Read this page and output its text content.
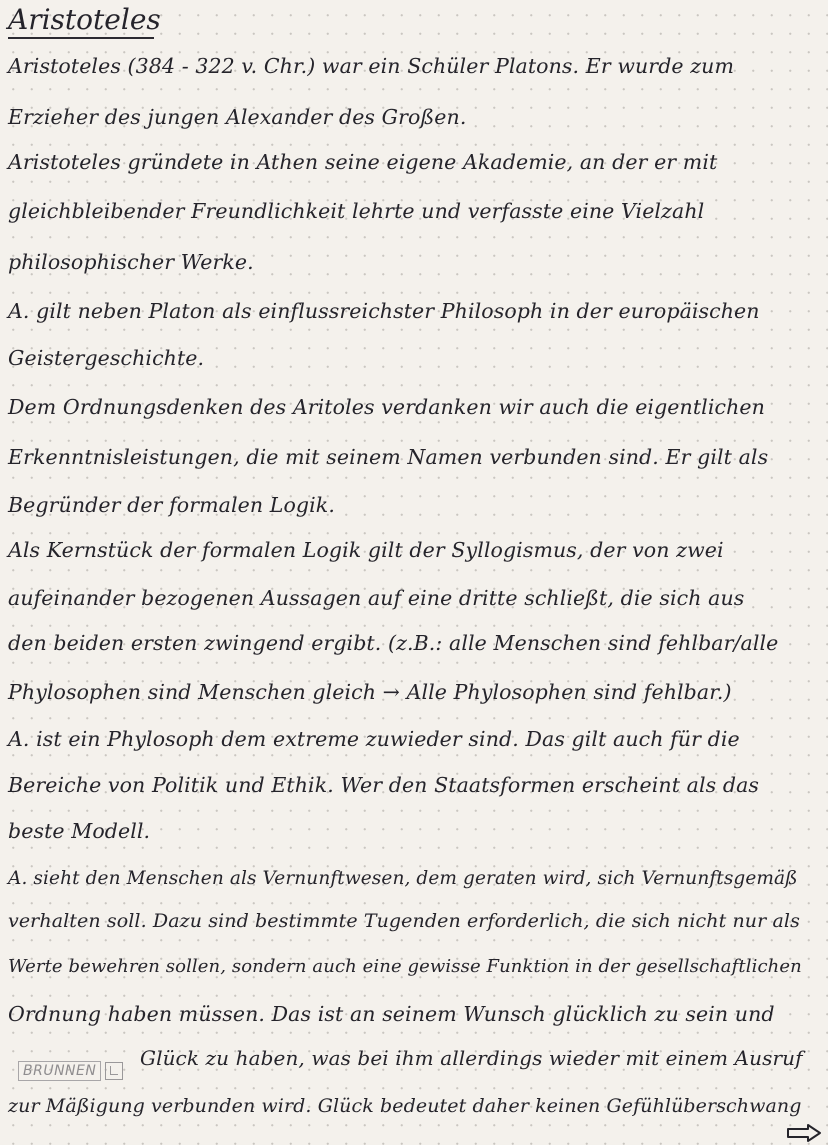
Aristoteles
Aristoteles (384 - 322 v. Chr.) war ein Schüler Platons. Er wurde zum
Erzieher des jungen Alexander des Großen.
Aristoteles gründete in Athen seine eigene Akademie, an der er mit
gleichbleibender Freundlichkeit lehrte und verfasste eine Vielzahl
philosophischer Werke.
A. gilt neben Platon als einflussreichster Philosoph in der europäischen
Geistergeschichte.
Dem Ordnungsdenken des Aritoles verdanken wir auch die eigentlichen
Erkenntnisleistungen, die mit seinem Namen verbunden sind. Er gilt als
Begründer der formalen Logik.
Als Kernstück der formalen Logik gilt der Syllogismus, der von zwei
aufeinander bezogenen Aussagen auf eine dritte schließt, die sich aus
den beiden ersten zwingend ergibt. (z.B.: alle Menschen sind fehlbar/alle
Phylosophen sind Menschen gleich → Alle Phylosophen sind fehlbar.)
A. ist ein Phylosoph dem extreme zuwieder sind. Das gilt auch für die
Bereiche von Politik und Ethik. Wer den Staatsformen erscheint als das
beste Modell.
A. sieht den Menschen als Vernunftwesen, dem geraten wird, sich Vernunftsgemäß
verhalten soll. Dazu sind bestimmte Tugenden erforderlich, die sich nicht nur als
Werte bewehren sollen, sondern auch eine gewisse Funktion in der gesellschaftlichen
Ordnung haben müssen. Das ist an seinem Wunsch glücklich zu sein und
Glück zu haben, was bei ihm allerdings wieder mit einem Ausruf
zur Mäßigung verbunden wird. Glück bedeutet daher keinen Gefühlüberschwang
BRUNNEN
